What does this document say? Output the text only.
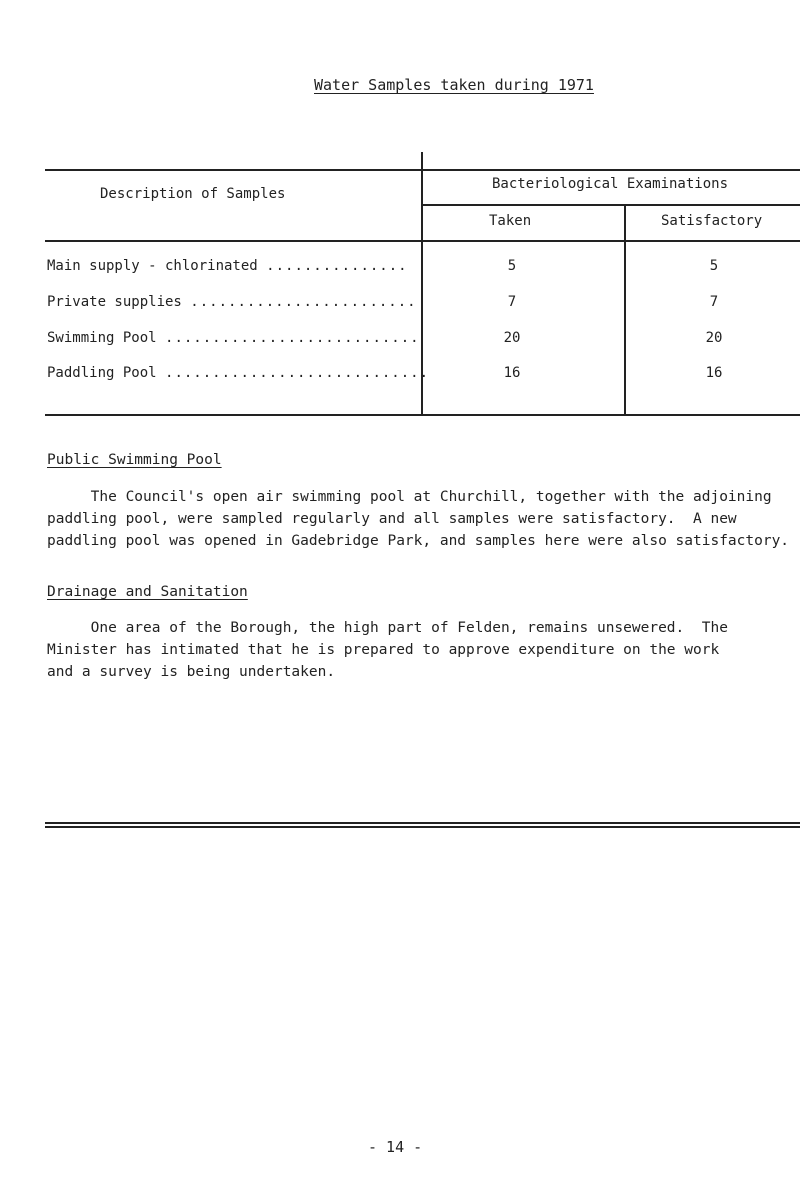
Water Samples taken during 1971
Description of Samples
Bacteriological Examinations
Taken	Satisfactory
Main supply - chlorinated ...............	5	5
Private supplies ........................	7	7
Swimming Pool ...........................	20	20
Paddling Pool ............................	16	16
Public Swimming Pool

The Council's open air swimming pool at Churchill, together with the adjoining

paddling pool, were sampled regularly and all samples were satisfactory.  A new

paddling pool was opened in Gadebridge Park, and samples here were also satisfactory.

Drainage and Sanitation

One area of the Borough, the high part of Felden, remains unsewered.  The

Minister has intimated that he is prepared to approve expenditure on the work

and a survey is being undertaken.

- 14 -
